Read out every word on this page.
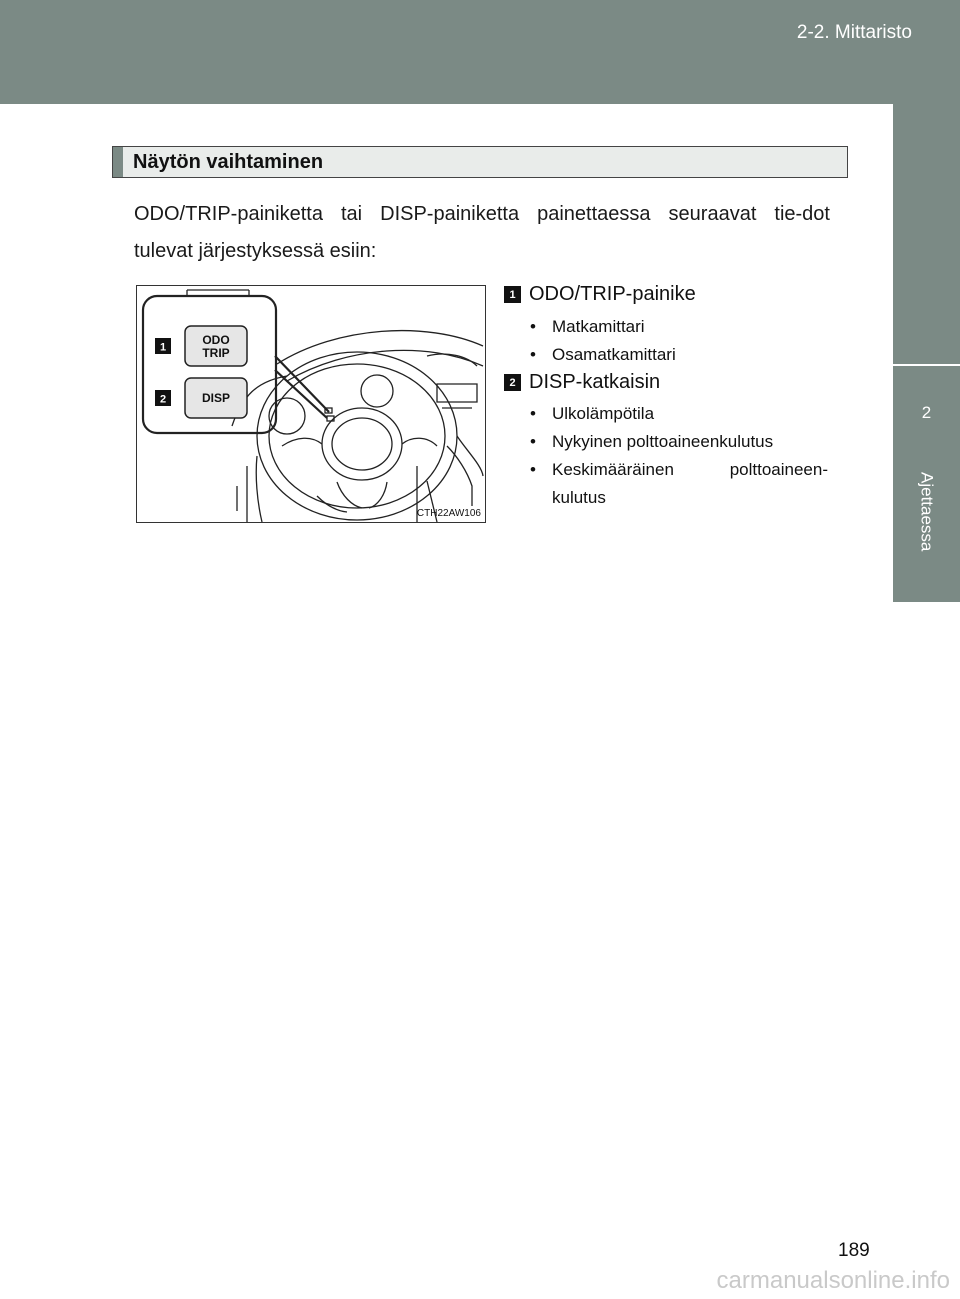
2-2. Mittaristo
2
Ajettaessa
Näytön vaihtaminen
ODO/TRIP-painiketta tai DISP-painiketta painettaessa seuraavat tie-dot tulevat järjestyksessä esiin:
1
2
ODO
TRIP
DISP
CTH22AW106
1 ODO/TRIP-painike
• Matkamittari
• Osamatkamittari
2 DISP-katkaisin
• Ulkolämpötila
• Nykyinen polttoaineenkulutus
• Keskimääräinen polttoaineen-kulutus
189
carmanualsonline.info
